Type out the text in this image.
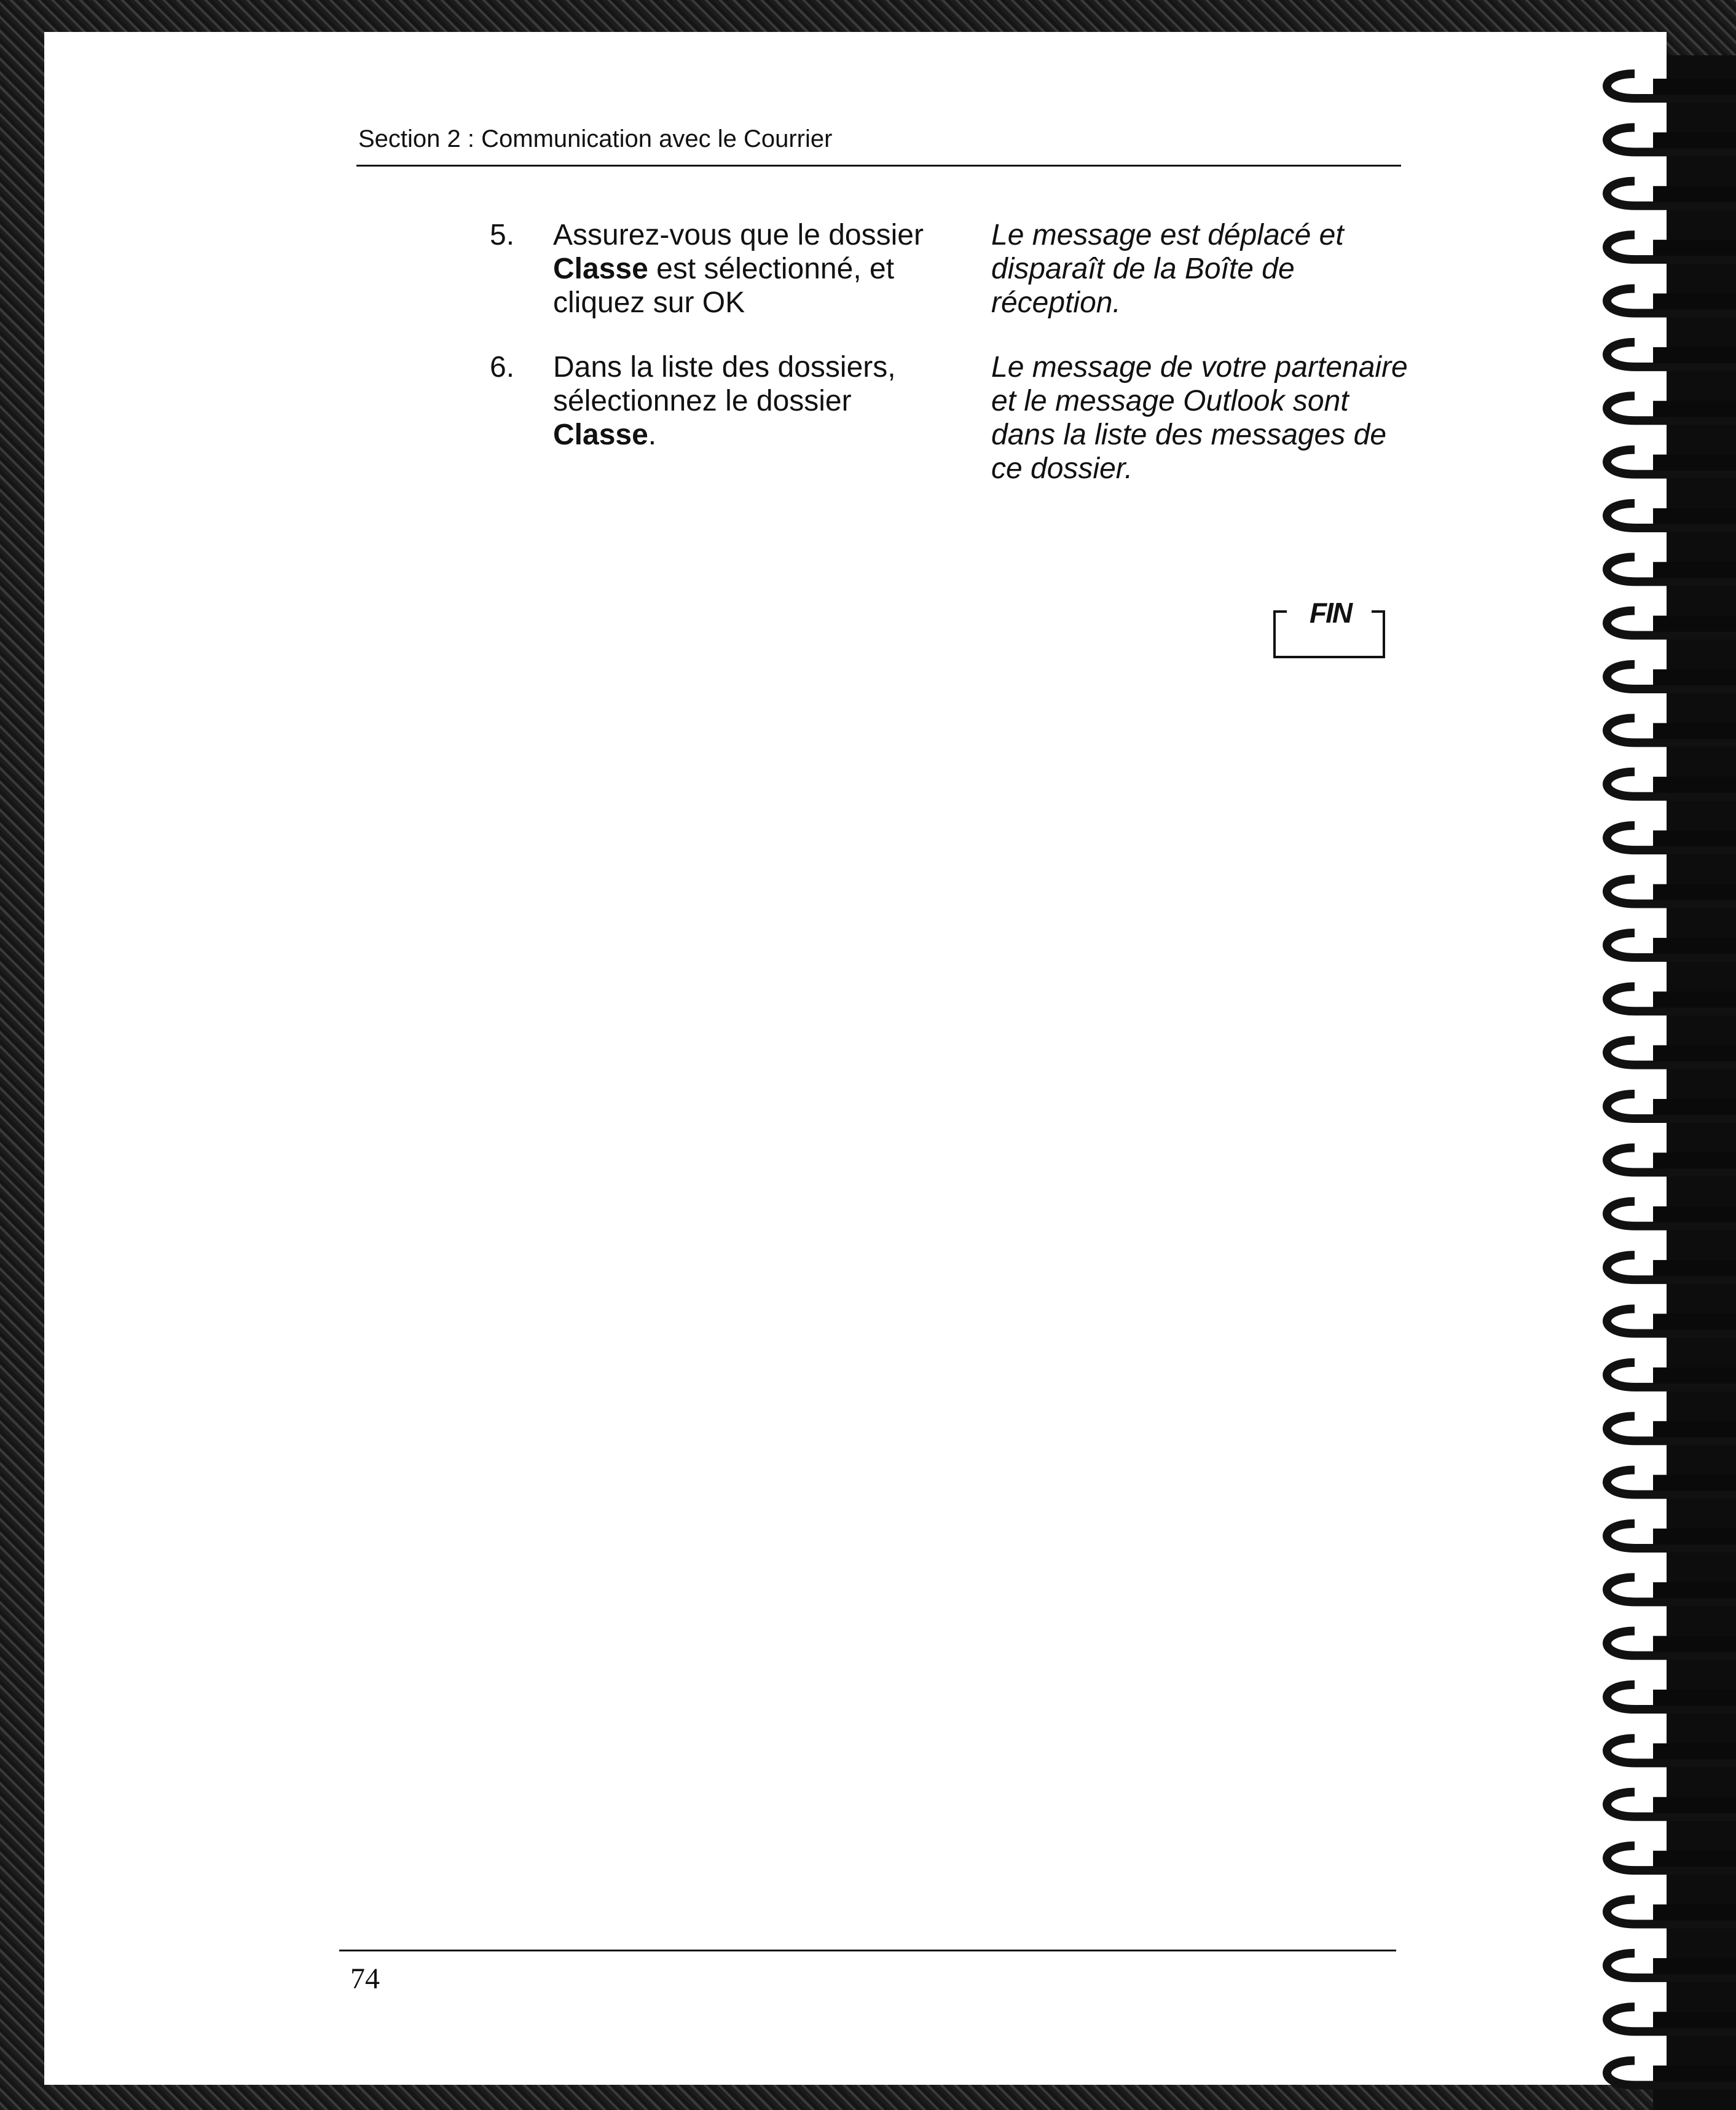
Section 2 : Communication avec le Courrier
5. Assurez-vous que le dossier Classe est sélectionné, et cliquez sur OK
Le message est déplacé et disparaît de la Boîte de réception.
6. Dans la liste des dossiers, sélectionnez le dossier Classe.
Le message de votre partenaire et le message Outlook sont dans la liste des messages de ce dossier.
FIN
74
